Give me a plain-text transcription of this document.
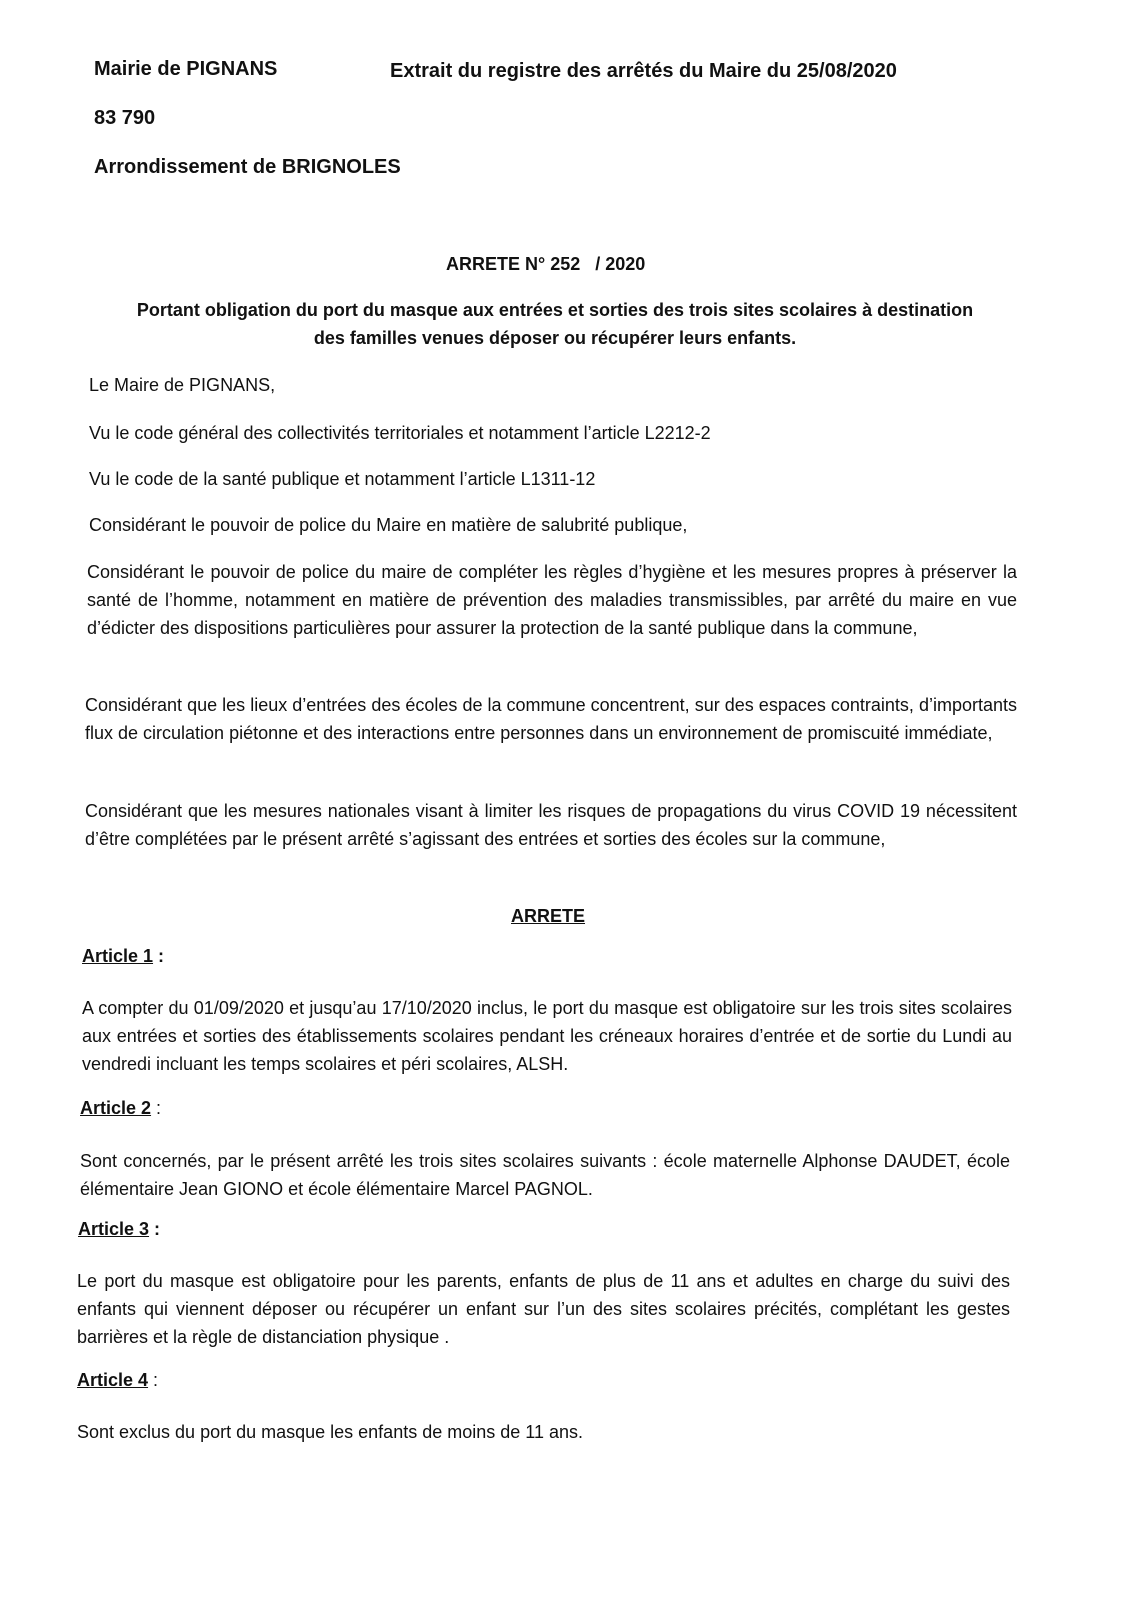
Mairie de PIGNANS	Extrait du registre des arrêtés du Maire du 25/08/2020
83 790
Arrondissement de BRIGNOLES
ARRETE N° 252   / 2020
Portant obligation du port du masque aux entrées et sorties des trois sites scolaires à destination
des familles venues déposer ou récupérer leurs enfants.
Le Maire de PIGNANS,
Vu le code général des collectivités territoriales et notamment l’article L2212-2
Vu le code de la santé publique et notamment l’article L1311-12
Considérant le pouvoir de police du Maire en matière de salubrité publique,
Considérant le pouvoir de police du maire de compléter les règles d’hygiène et les mesures propres à préserver la santé de l’homme, notamment en matière de prévention des maladies transmissibles, par arrêté du maire en vue d’édicter des dispositions particulières pour assurer la protection de la santé publique dans la commune,
Considérant que les lieux d’entrées des écoles de la commune concentrent, sur des espaces contraints, d’importants flux de circulation piétonne et des interactions entre personnes dans un environnement de promiscuité immédiate,
Considérant que les mesures nationales visant à limiter les risques de propagations du virus COVID 19 nécessitent d’être complétées par le présent arrêté s’agissant des entrées et sorties des écoles sur la commune,
ARRETE
Article 1 :
A compter du 01/09/2020 et jusqu’au 17/10/2020 inclus, le port du masque est obligatoire sur les trois sites scolaires aux entrées et sorties des établissements scolaires pendant les créneaux horaires d’entrée et de sortie du Lundi au vendredi incluant les temps scolaires et péri scolaires, ALSH.
Article 2 :
Sont concernés, par le présent arrêté les trois sites scolaires suivants : école maternelle Alphonse DAUDET, école élémentaire Jean GIONO et école élémentaire Marcel PAGNOL.
Article 3 :
Le port du masque est obligatoire pour les parents, enfants de plus de 11 ans et adultes en charge du suivi des enfants qui viennent déposer ou récupérer un enfant sur l’un des sites scolaires précités, complétant les gestes barrières et la règle de distanciation physique .
Article 4 :
Sont exclus du port du masque les enfants de moins de 11 ans.
